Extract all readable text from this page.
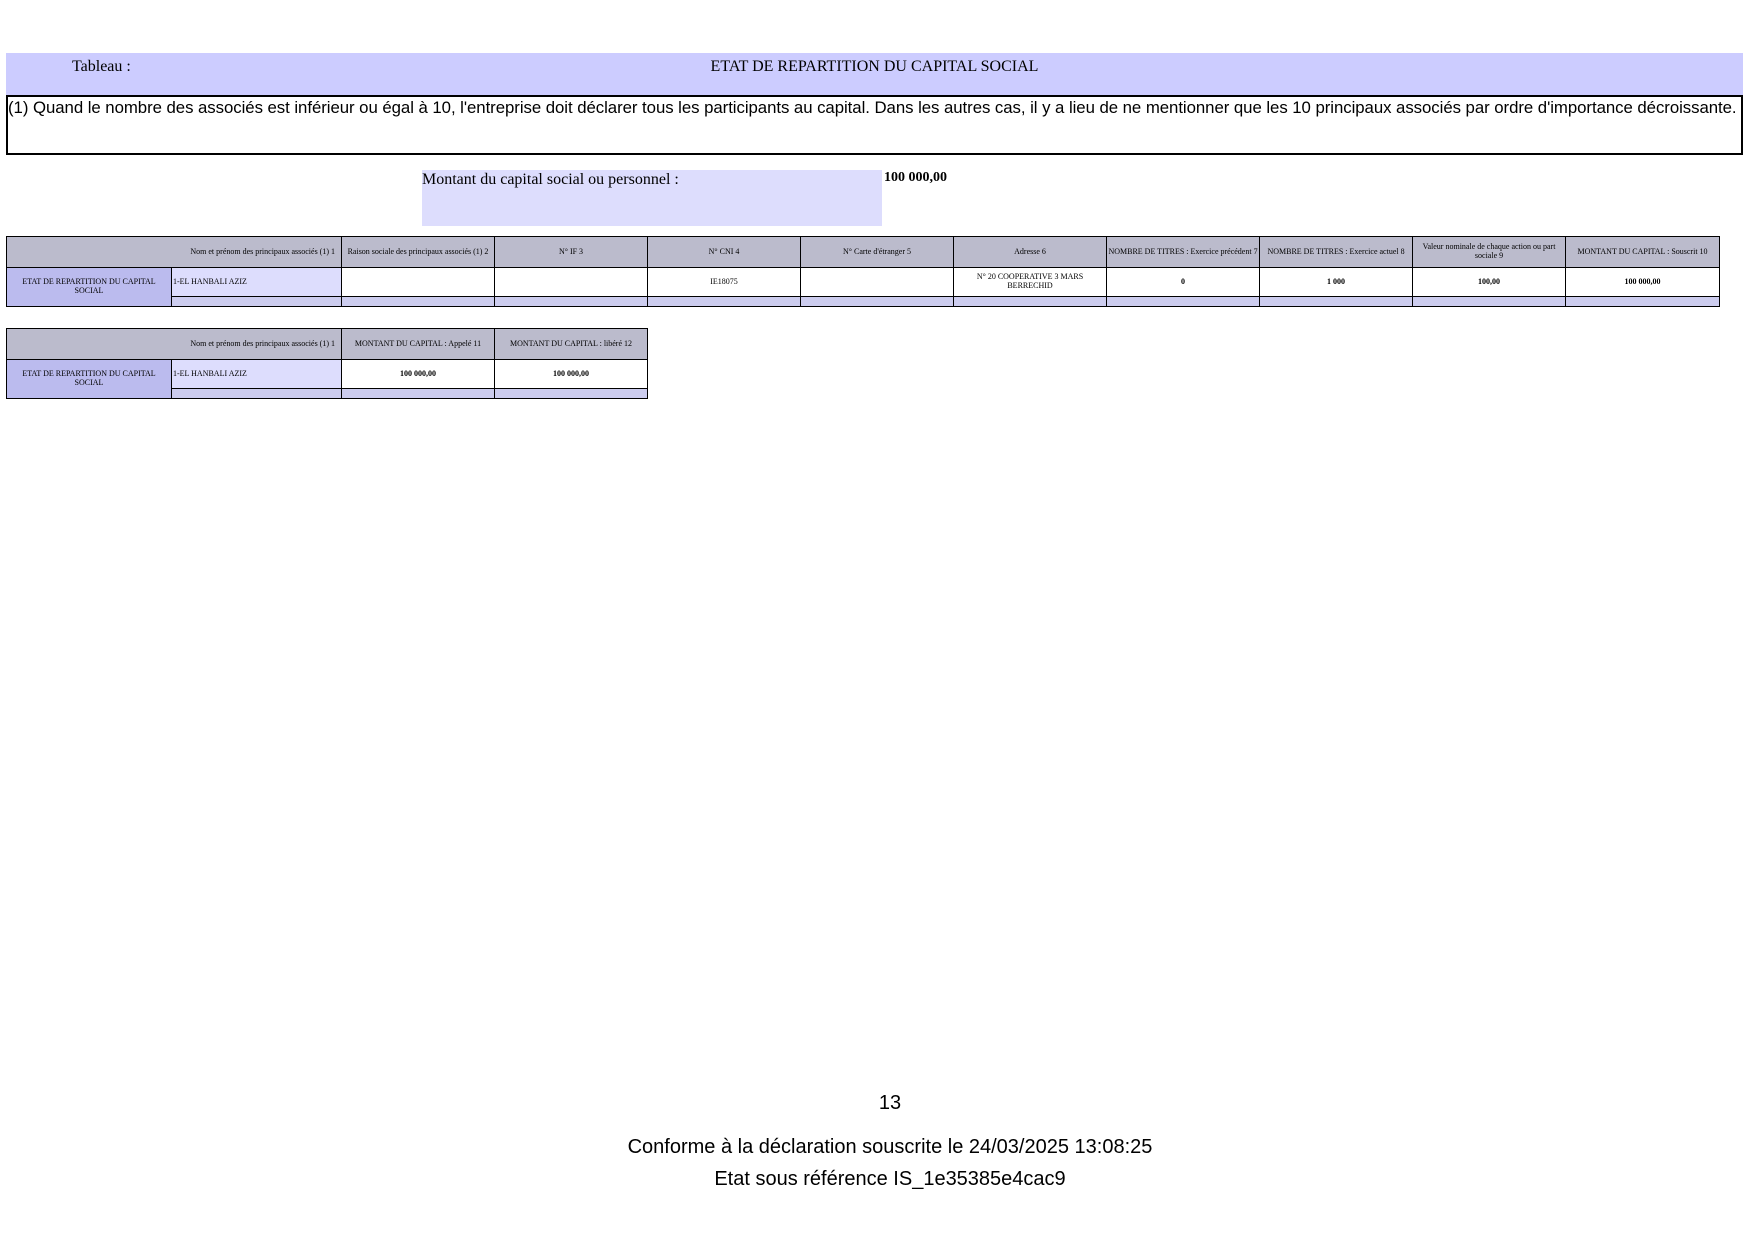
Tableau :	ETAT DE REPARTITION DU CAPITAL SOCIAL
(1) Quand le nombre des associés est inférieur ou égal à 10, l'entreprise doit déclarer tous les participants au capital. Dans les autres cas, il y a lieu de ne mentionner que les 10 principaux associés par ordre d'importance décroissante.
Montant du capital social ou personnel :	100 000,00
Nom et prénom des principaux associés (1) 1		Raison sociale des principaux associés (1) 2	N° IF 3	N° CNI 4	N° Carte d'étranger 5	Adresse 6	NOMBRE DE TITRES : Exercice précédent 7	NOMBRE DE TITRES : Exercice actuel 8	Valeur nominale de chaque action ou part sociale 9	MONTANT DU CAPITAL : Souscrit 10
ETAT DE REPARTITION DU CAPITAL SOCIAL	1-EL HANBALI AZIZ			IE18075		N° 20 COOPERATIVE 3 MARS BERRECHID	0	1 000	100,00	100 000,00

Nom et prénom des principaux associés (1) 1		MONTANT DU CAPITAL : Appelé 11	MONTANT DU CAPITAL : libéré 12
ETAT DE REPARTITION DU CAPITAL SOCIAL	1-EL HANBALI AZIZ	100 000,00	100 000,00

13
Conforme à la déclaration souscrite le 24/03/2025 13:08:25
Etat sous référence IS_1e35385e4cac9
